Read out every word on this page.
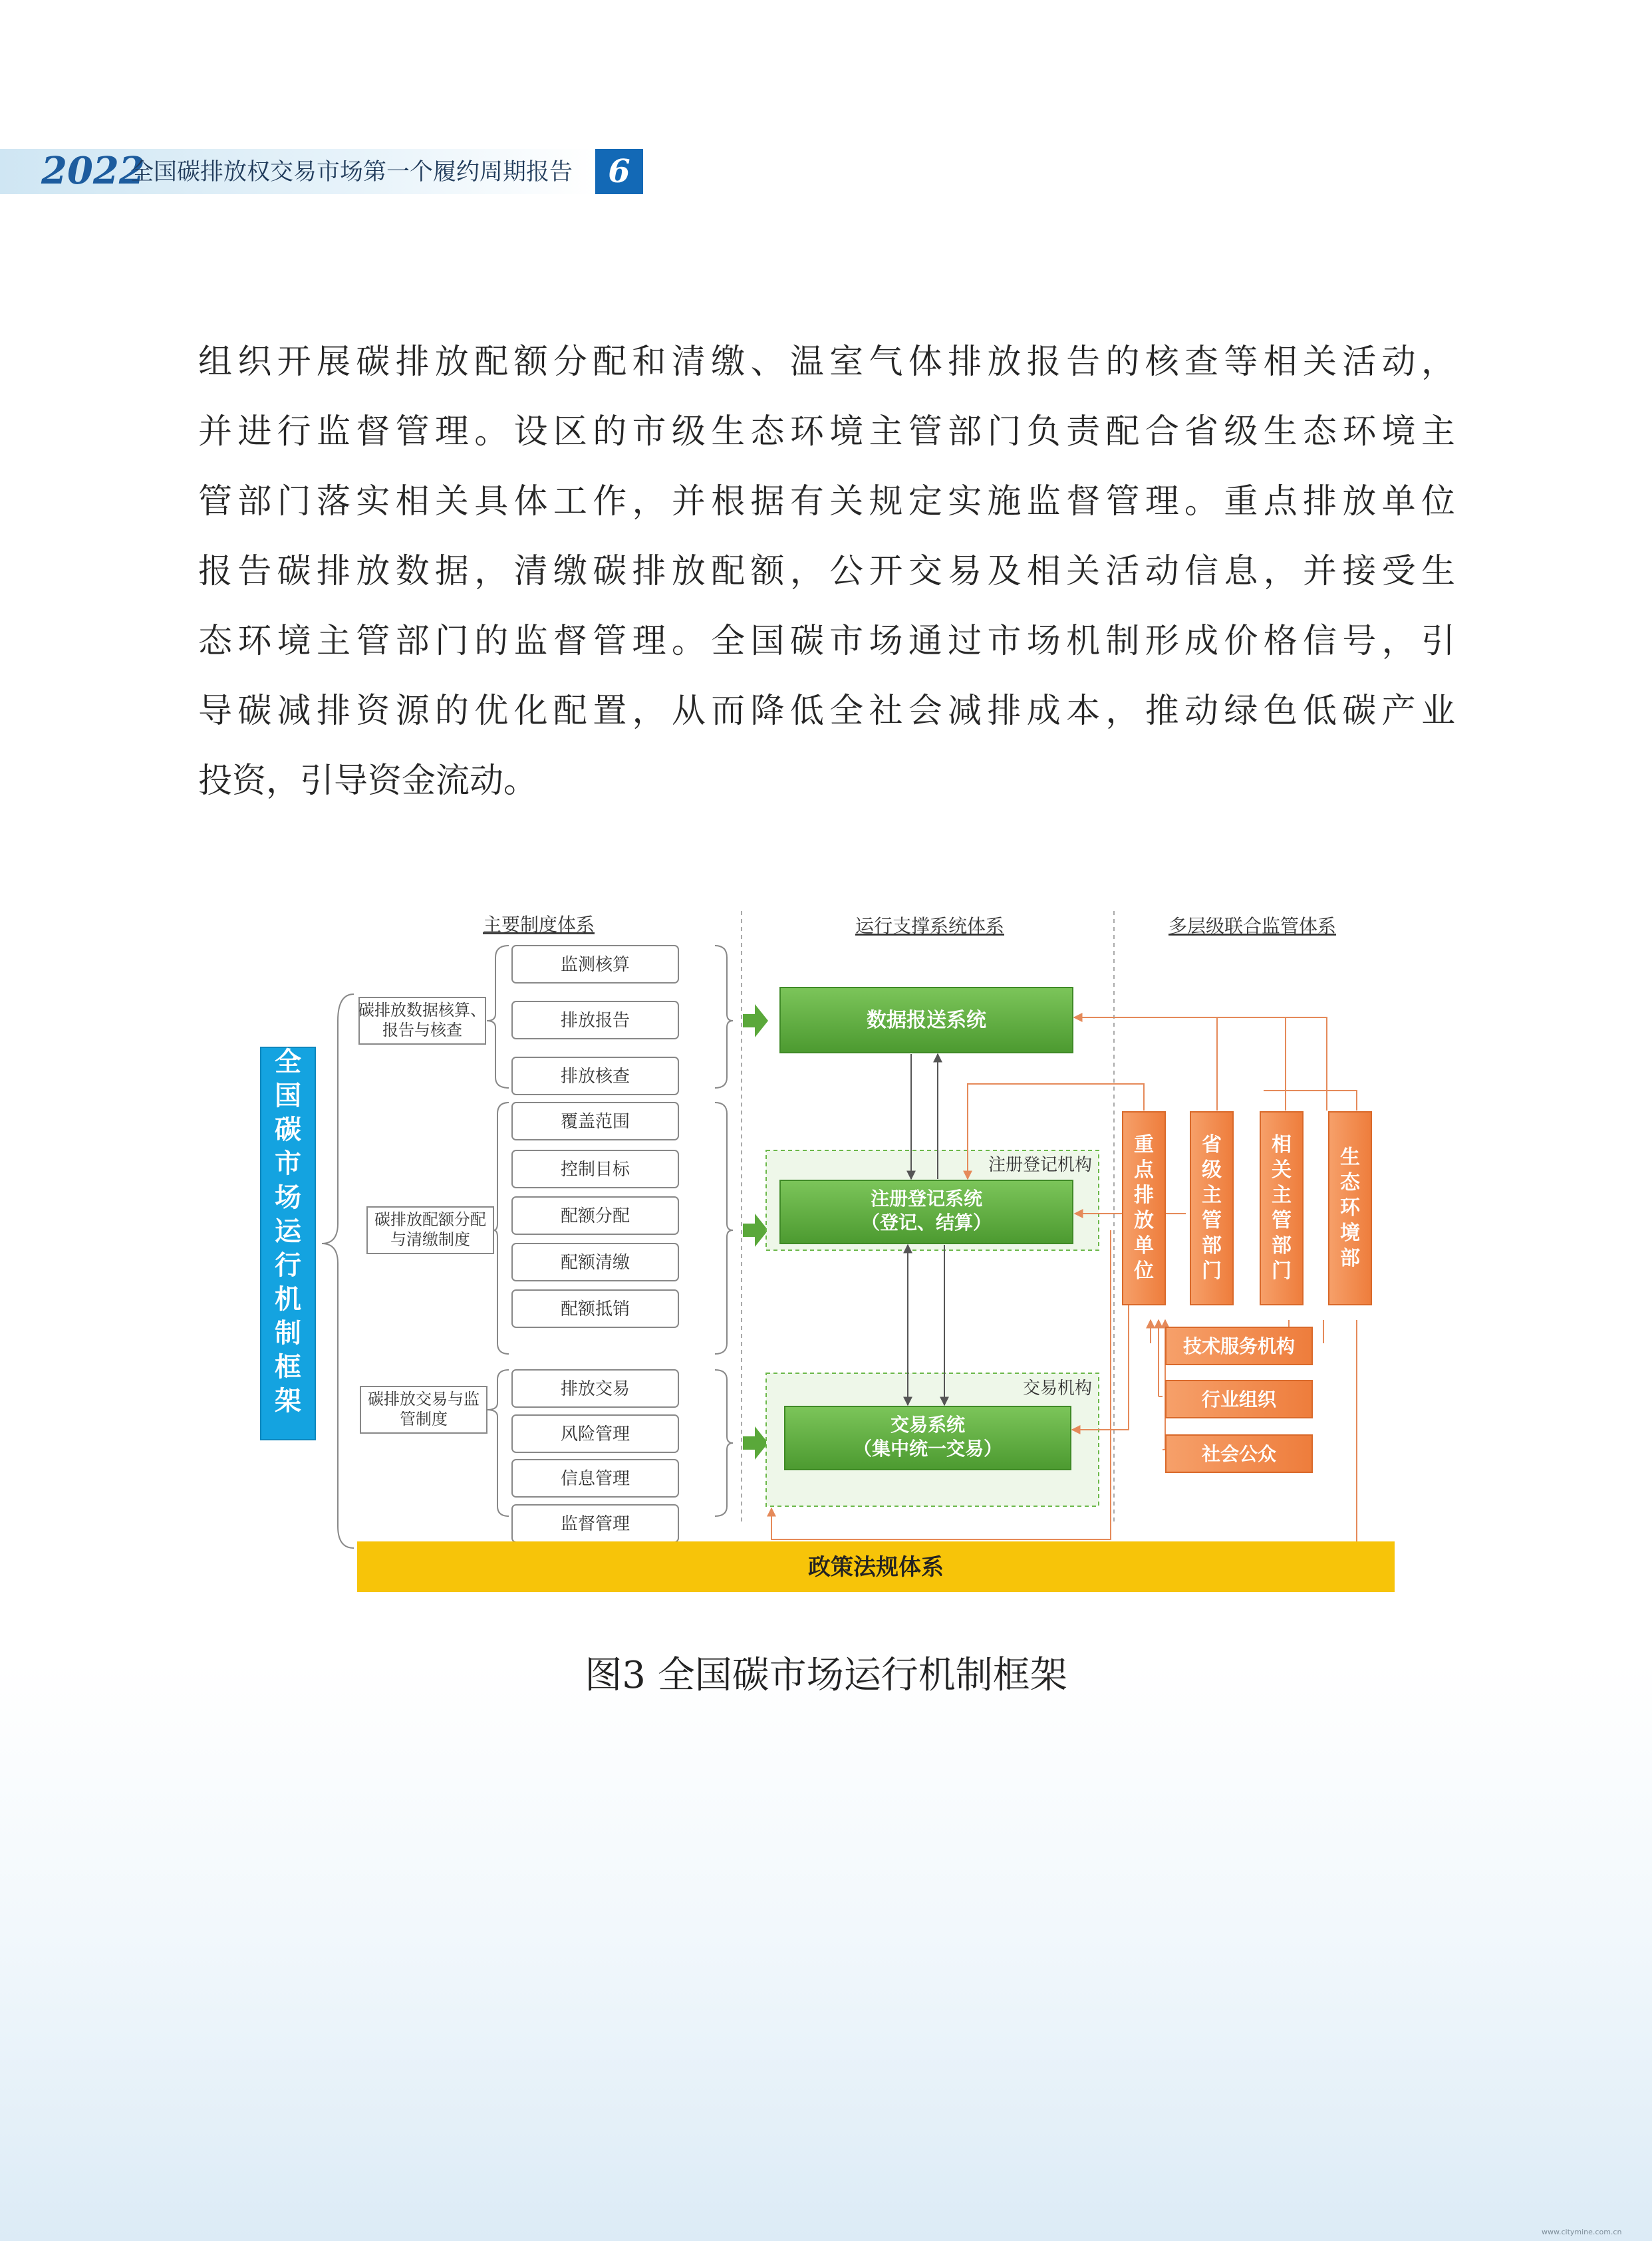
2022
全国碳排放权交易市场第一个履约周期报告	6
组织开展碳排放配额分配和清缴、温室气体排放报告的核查等相关活动，
并进行监督管理。设区的市级生态环境主管部门负责配合省级生态环境主
管部门落实相关具体工作，并根据有关规定实施监督管理。重点排放单位
报告碳排放数据，清缴碳排放配额，公开交易及相关活动信息，并接受生
态环境主管部门的监督管理。全国碳市场通过市场机制形成价格信号，引
导碳减排资源的优化配置，从而降低全社会减排成本，推动绿色低碳产业
投资，引导资金流动。
主要制度体系	运行支撑系统体系	多层级联合监管体系
全国碳市场运行机制框架
碳排放数据核算、报告与核查
碳排放配额分配与清缴制度
碳排放交易与监管制度
监测核算
排放报告
排放核查
覆盖范围
控制目标
配额分配
配额清缴
配额抵销
排放交易
风险管理
信息管理
监督管理
注册登记机构
交易机构
数据报送系统
注册登记系统（登记、结算）
交易系统（集中统一交易）
重点排放单位
省级主管部门
相关主管部门
生态环境部
技术服务机构
行业组织
社会公众
政策法规体系
图3 全国碳市场运行机制框架
www.citymine.com.cn
